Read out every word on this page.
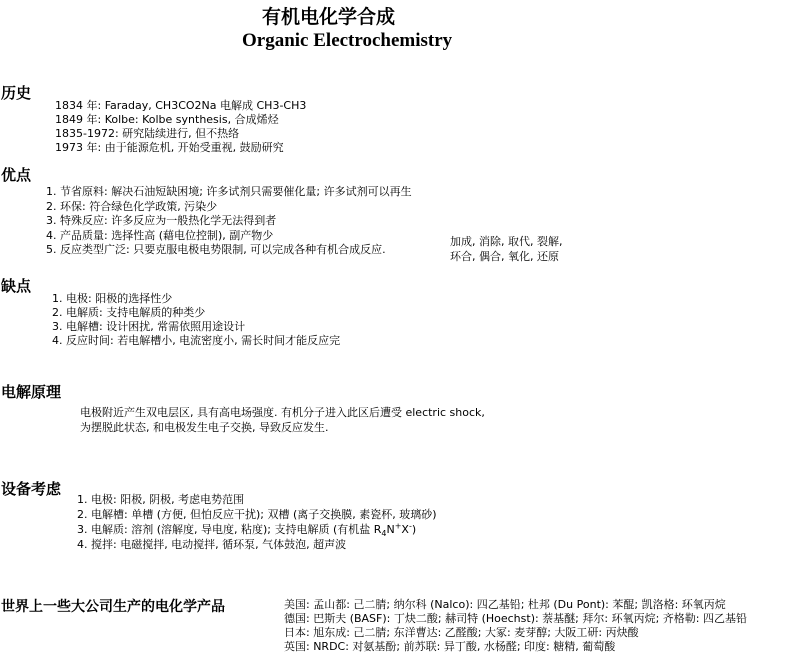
有机电化学合成
Organic Electrochemistry
历史
1834 年: Faraday, CH3CO2Na 电解成 CH3-CH3
1849 年: Kolbe: Kolbe synthesis, 合成烯烃
1835-1972: 研究陆续进行, 但不热络
1973 年: 由于能源危机, 开始受重视, 鼓励研究
优点
1. 节省原料: 解决石油短缺困境; 许多试剂只需要催化量; 许多试剂可以再生
2. 环保: 符合绿色化学政策, 污染少
3. 特殊反应: 许多反应为一般热化学无法得到者
4. 产品质量: 选择性高 (藉电位控制), 副产物少
5. 反应类型广泛: 只要克服电极电势限制, 可以完成各种有机合成反应.
加成, 消除, 取代, 裂解,
环合, 偶合, 氧化, 还原
缺点
1. 电极: 阳极的选择性少
2. 电解质: 支持电解质的种类少
3. 电解槽: 设计困扰, 常需依照用途设计
4. 反应时间: 若电解槽小, 电流密度小, 需长时间才能反应完
电解原理
电极附近产生双电层区, 具有高电场强度. 有机分子进入此区后遭受 electric shock,
为摆脱此状态, 和电极发生电子交换, 导致反应发生.
设备考虑
1. 电极: 阳极, 阴极, 考虑电势范围
2. 电解槽: 单槽 (方便, 但怕反应干扰); 双槽 (离子交换膜, 素瓷杯, 玻璃砂)
3. 电解质: 溶剂 (溶解度, 导电度, 粘度); 支持电解质 (有机盐 $R_4N^+X^-$)
4. 搅拌: 电磁搅拌, 电动搅拌, 循环泵, 气体鼓泡, 超声波
世界上一些大公司生产的电化学产品	美国: 孟山都: 己二腈; 纳尔科 (Nalco): 四乙基铅; 杜邦 (Du Pont): 苯醌; 凯洛格: 环氧丙烷
德国: 巴斯夫 (BASF): 丁炔二酸; 赫司特 (Hoechst): 萘基醚; 拜尔: 环氧丙烷; 齐格勒: 四乙基铅
日本: 旭东成: 己二腈; 东洋曹达: 乙醛酸; 大冢: 麦芽醇; 大阪工研: 丙炔酸
英国: NRDC: 对氨基酚; 前苏联: 异丁酸, 水杨醛; 印度: 糖精, 葡萄酸
